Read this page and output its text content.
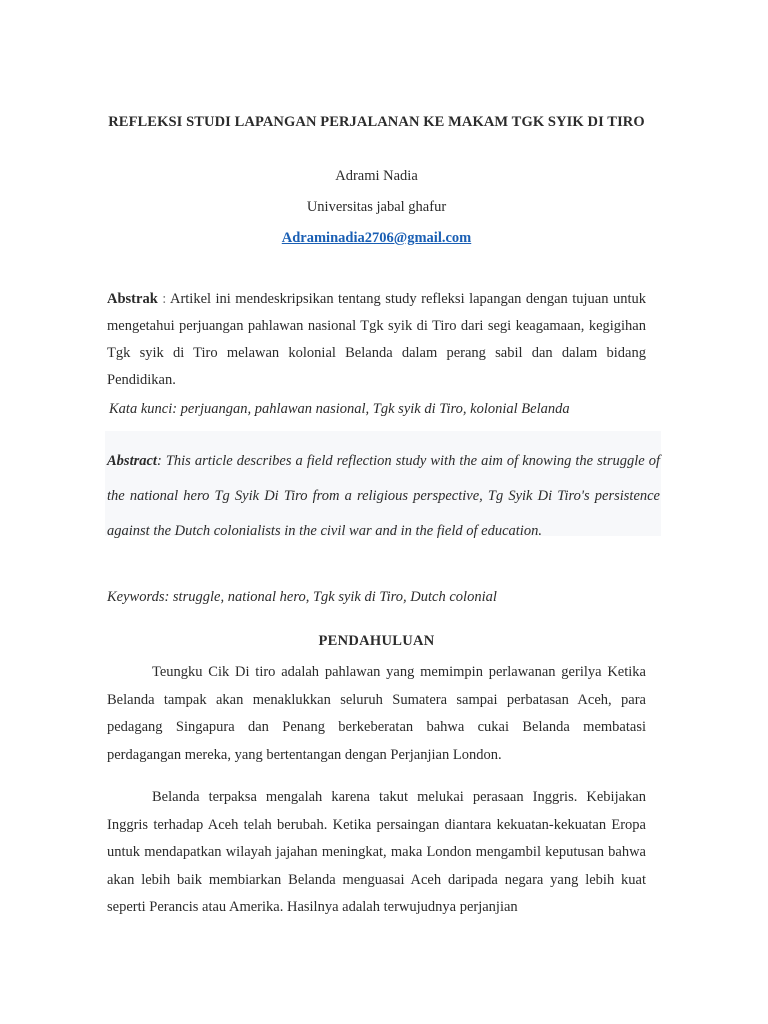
REFLEKSI STUDI LAPANGAN PERJALANAN KE MAKAM TGK SYIK DI TIRO
Adrami Nadia
Universitas jabal ghafur
Adraminadia2706@gmail.com
Abstrak : Artikel ini mendeskripsikan tentang study refleksi lapangan dengan tujuan untuk mengetahui perjuangan pahlawan nasional Tgk syik di Tiro dari segi keagamaan, kegigihan Tgk syik di Tiro melawan kolonial Belanda dalam perang sabil dan dalam bidang Pendidikan.
Kata kunci: perjuangan, pahlawan nasional, Tgk syik di Tiro, kolonial Belanda
Abstract: This article describes a field reflection study with the aim of knowing the struggle of the national hero Tg Syik Di Tiro from a religious perspective, Tg Syik Di Tiro's persistence against the Dutch colonialists in the civil war and in the field of education.
Keywords: struggle, national hero, Tgk syik di Tiro, Dutch colonial
PENDAHULUAN
Teungku Cik Di tiro adalah pahlawan yang memimpin perlawanan gerilya Ketika Belanda tampak akan menaklukkan seluruh Sumatera sampai perbatasan Aceh, para pedagang Singapura dan Penang berkeberatan bahwa cukai Belanda membatasi perdagangan mereka, yang bertentangan dengan Perjanjian London.
Belanda terpaksa mengalah karena takut melukai perasaan Inggris. Kebijakan Inggris terhadap Aceh telah berubah. Ketika persaingan diantara kekuatan-kekuatan Eropa untuk mendapatkan wilayah jajahan meningkat, maka London mengambil keputusan bahwa akan lebih baik membiarkan Belanda menguasai Aceh daripada negara yang lebih kuat seperti Perancis atau Amerika. Hasilnya adalah terwujudnya perjanjian
